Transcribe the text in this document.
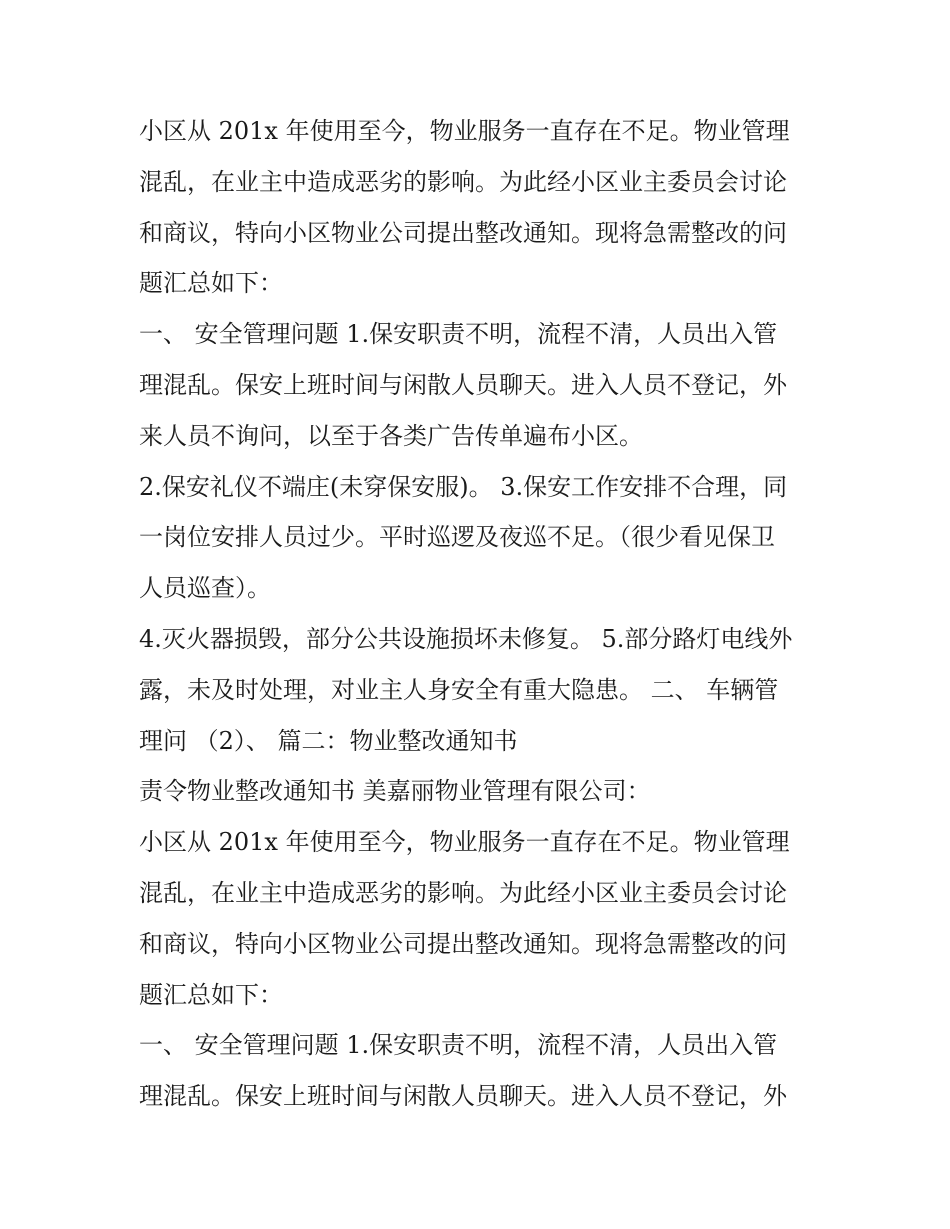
小区从 201x 年使用至今，物业服务一直存在不足。物业管理
混乱，在业主中造成恶劣的影响。为此经小区业主委员会讨论
和商议，特向小区物业公司提出整改通知。现将急需整改的问
题汇总如下：
一、 安全管理问题 1.保安职责不明，流程不清，人员出入管
理混乱。保安上班时间与闲散人员聊天。进入人员不登记，外
来人员不询问，以至于各类广告传单遍布小区。
2.保安礼仪不端庄(未穿保安服)。 3.保安工作安排不合理，同
一岗位安排人员过少。平时巡逻及夜巡不足。（很少看见保卫
人员巡查）。
4.灭火器损毁，部分公共设施损坏未修复。 5.部分路灯电线外
露，未及时处理，对业主人身安全有重大隐患。 二、 车辆管
理问 （2）、 篇二：物业整改通知书
责令物业整改通知书 美嘉丽物业管理有限公司：
小区从 201x 年使用至今，物业服务一直存在不足。物业管理
混乱，在业主中造成恶劣的影响。为此经小区业主委员会讨论
和商议，特向小区物业公司提出整改通知。现将急需整改的问
题汇总如下：
一、 安全管理问题 1.保安职责不明，流程不清，人员出入管
理混乱。保安上班时间与闲散人员聊天。进入人员不登记，外
